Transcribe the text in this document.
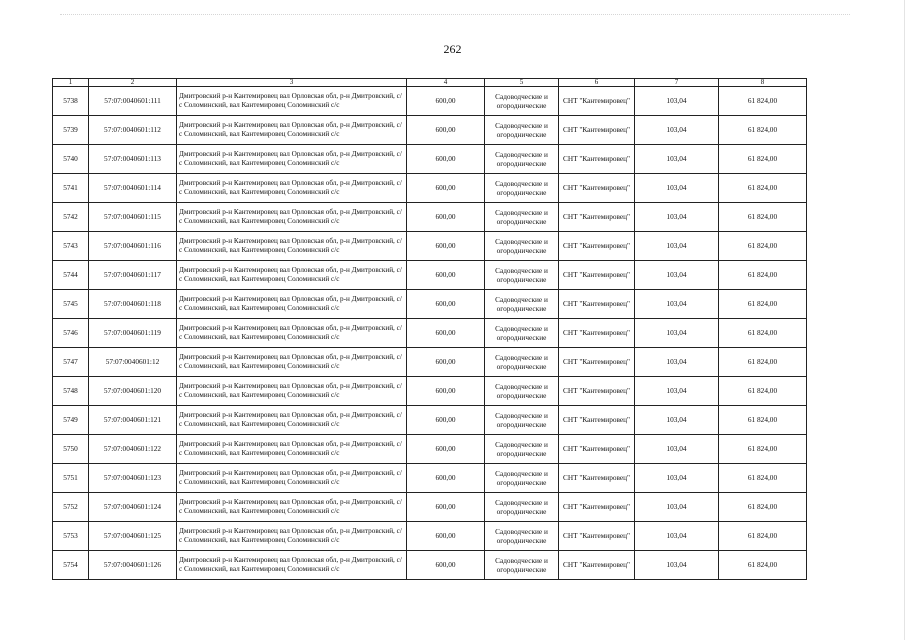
262
1	2	3	4	5	6	7	8
5738	57:07:0040601:111	Дмитровский р-н Кантемировец вал Орловская обл, р-н Дмитровский, с/с Соломинский, вал Кантемировец Соломинский с/с	600,00	Садоводческие и огороднические	СНТ "Кантемировец"	103,04	61 824,00
5739	57:07:0040601:112	Дмитровский р-н Кантемировец вал Орловская обл, р-н Дмитровский, с/с Соломинский, вал Кантемировец Соломинский с/с	600,00	Садоводческие и огороднические	СНТ "Кантемировец"	103,04	61 824,00
5740	57:07:0040601:113	Дмитровский р-н Кантемировец вал Орловская обл, р-н Дмитровский, с/с Соломинский, вал Кантемировец Соломинский с/с	600,00	Садоводческие и огороднические	СНТ "Кантемировец"	103,04	61 824,00
5741	57:07:0040601:114	Дмитровский р-н Кантемировец вал Орловская обл, р-н Дмитровский, с/с Соломинский, вал Кантемировец Соломинский с/с	600,00	Садоводческие и огороднические	СНТ "Кантемировец"	103,04	61 824,00
5742	57:07:0040601:115	Дмитровский р-н Кантемировец вал Орловская обл, р-н Дмитровский, с/с Соломинский, вал Кантемировец Соломинский с/с	600,00	Садоводческие и огороднические	СНТ "Кантемировец"	103,04	61 824,00
5743	57:07:0040601:116	Дмитровский р-н Кантемировец вал Орловская обл, р-н Дмитровский, с/с Соломинский, вал Кантемировец Соломинский с/с	600,00	Садоводческие и огороднические	СНТ "Кантемировец"	103,04	61 824,00
5744	57:07:0040601:117	Дмитровский р-н Кантемировец вал Орловская обл, р-н Дмитровский, с/с Соломинский, вал Кантемировец Соломинский с/с	600,00	Садоводческие и огороднические	СНТ "Кантемировец"	103,04	61 824,00
5745	57:07:0040601:118	Дмитровский р-н Кантемировец вал Орловская обл, р-н Дмитровский, с/с Соломинский, вал Кантемировец Соломинский с/с	600,00	Садоводческие и огороднические	СНТ "Кантемировец"	103,04	61 824,00
5746	57:07:0040601:119	Дмитровский р-н Кантемировец вал Орловская обл, р-н Дмитровский, с/с Соломинский, вал Кантемировец Соломинский с/с	600,00	Садоводческие и огороднические	СНТ "Кантемировец"	103,04	61 824,00
5747	57:07:0040601:12	Дмитровский р-н Кантемировец вал Орловская обл, р-н Дмитровский, с/с Соломинский, вал Кантемировец Соломинский с/с	600,00	Садоводческие и огороднические	СНТ "Кантемировец"	103,04	61 824,00
5748	57:07:0040601:120	Дмитровский р-н Кантемировец вал Орловская обл, р-н Дмитровский, с/с Соломинский, вал Кантемировец Соломинский с/с	600,00	Садоводческие и огороднические	СНТ "Кантемировец"	103,04	61 824,00
5749	57:07:0040601:121	Дмитровский р-н Кантемировец вал Орловская обл, р-н Дмитровский, с/с Соломинский, вал Кантемировец Соломинский с/с	600,00	Садоводческие и огороднические	СНТ "Кантемировец"	103,04	61 824,00
5750	57:07:0040601:122	Дмитровский р-н Кантемировец вал Орловская обл, р-н Дмитровский, с/с Соломинский, вал Кантемировец Соломинский с/с	600,00	Садоводческие и огороднические	СНТ "Кантемировец"	103,04	61 824,00
5751	57:07:0040601:123	Дмитровский р-н Кантемировец вал Орловская обл, р-н Дмитровский, с/с Соломинский, вал Кантемировец Соломинский с/с	600,00	Садоводческие и огороднические	СНТ "Кантемировец"	103,04	61 824,00
5752	57:07:0040601:124	Дмитровский р-н Кантемировец вал Орловская обл, р-н Дмитровский, с/с Соломинский, вал Кантемировец Соломинский с/с	600,00	Садоводческие и огороднические	СНТ "Кантемировец"	103,04	61 824,00
5753	57:07:0040601:125	Дмитровский р-н Кантемировец вал Орловская обл, р-н Дмитровский, с/с Соломинский, вал Кантемировец Соломинский с/с	600,00	Садоводческие и огороднические	СНТ "Кантемировец"	103,04	61 824,00
5754	57:07:0040601:126	Дмитровский р-н Кантемировец вал Орловская обл, р-н Дмитровский, с/с Соломинский, вал Кантемировец Соломинский с/с	600,00	Садоводческие и огороднические	СНТ "Кантемировец"	103,04	61 824,00
